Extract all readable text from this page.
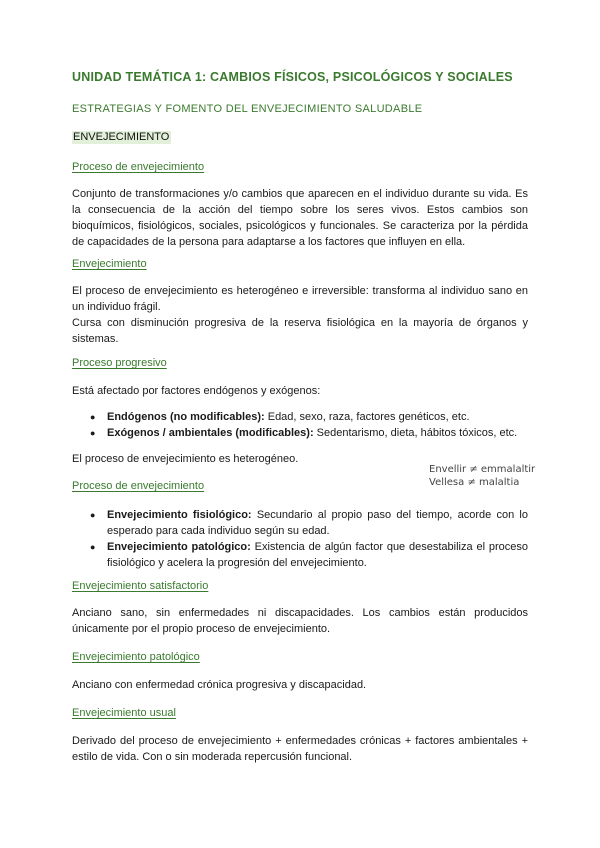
UNIDAD TEMÁTICA 1: CAMBIOS FÍSICOS, PSICOLÓGICOS Y SOCIALES
ESTRATEGIAS Y FOMENTO DEL ENVEJECIMIENTO SALUDABLE
ENVEJECIMIENTO
Proceso de envejecimiento
Conjunto de transformaciones y/o cambios que aparecen en el individuo durante su vida. Es la consecuencia de la acción del tiempo sobre los seres vivos. Estos cambios son bioquímicos, fisiológicos, sociales, psicológicos y funcionales. Se caracteriza por la pérdida de capacidades de la persona para adaptarse a los factores que influyen en ella.
Envejecimiento
El proceso de envejecimiento es heterogéneo e irreversible: transforma al individuo sano en un individuo frágil.
Cursa con disminución progresiva de la reserva fisiológica en la mayoría de órganos y sistemas.
Proceso progresivo
Está afectado por factores endógenos y exógenos:
● Endógenos (no modificables): Edad, sexo, raza, factores genéticos, etc.
● Exógenos / ambientales (modificables): Sedentarismo, dieta, hábitos tóxicos, etc.
El proceso de envejecimiento es heterogéneo.
Proceso de envejecimiento
● Envejecimiento fisiológico: Secundario al propio paso del tiempo, acorde con lo esperado para cada individuo según su edad.
● Envejecimiento patológico: Existencia de algún factor que desestabiliza el proceso fisiológico y acelera la progresión del envejecimiento.
Envejecimiento satisfactorio
Anciano sano, sin enfermedades ni discapacidades. Los cambios están producidos únicamente por el propio proceso de envejecimiento.
Envejecimiento patológico
Anciano con enfermedad crónica progresiva y discapacidad.
Envejecimiento usual
Derivado del proceso de envejecimiento + enfermedades crónicas + factores ambientales + estilo de vida. Con o sin moderada repercusión funcional.
Envellir ≠ emmalaltir
Vellesa ≠ malaltia
